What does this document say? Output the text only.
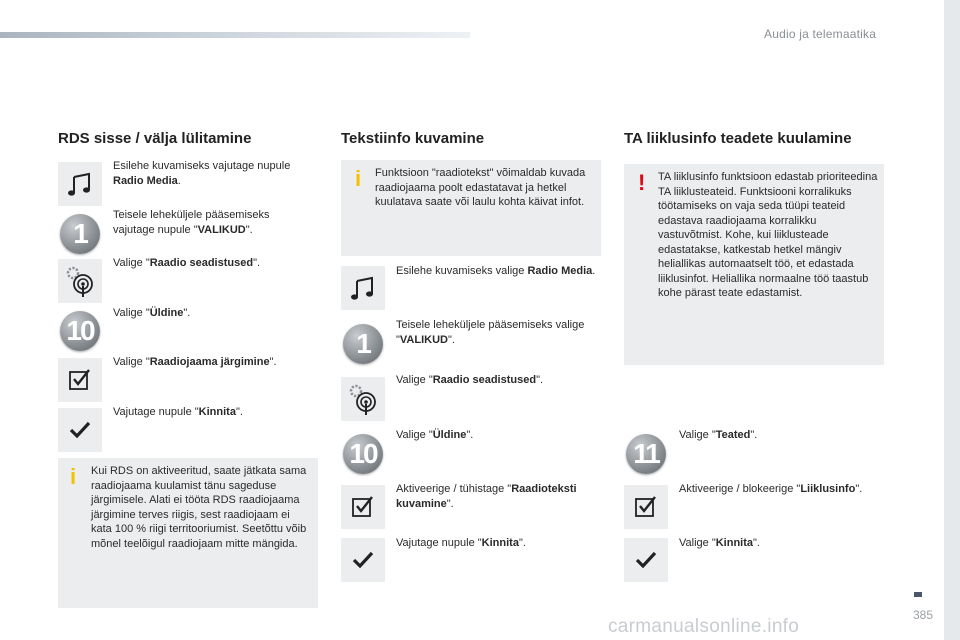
Audio ja telemaatika
RDS sisse / välja lülitamine
Esilehe kuvamiseks vajutage nupule Radio Media.
1
Teisele leheküljele pääsemiseks vajutage nupule "VALIKUD".
Valige "Raadio seadistused".
10
Valige "Üldine".
Valige "Raadiojaama järgimine".
Vajutage nupule "Kinnita".
i Kui RDS on aktiveeritud, saate jätkata sama raadiojaama kuulamist tänu sageduse järgimisele. Alati ei tööta RDS raadiojaama järgimine terves riigis, sest raadiojaam ei kata 100 % riigi territooriumist. Seetõttu võib mõnel teelõigul raadiojaam mitte mängida.
Tekstiinfo kuvamine
i Funktsioon "raadiotekst" võimaldab kuvada raadiojaama poolt edastatavat ja hetkel kuulatava saate või laulu kohta käivat infot.
Esilehe kuvamiseks valige Radio Media.
1
Teisele leheküljele pääsemiseks valige "VALIKUD".
Valige "Raadio seadistused".
10
Valige "Üldine".
Aktiveerige / tühistage "Raadioteksti kuvamine".
Vajutage nupule "Kinnita".
TA liiklusinfo teadete kuulamine
! TA liiklusinfo funktsioon edastab prioriteedina TA liiklusteateid. Funktsiooni korralikuks töötamiseks on vaja seda tüüpi teateid edastava raadiojaama korralikku vastuvõtmist. Kohe, kui liiklusteade edastatakse, katkestab hetkel mängiv heliallikas automaatselt töö, et edastada liiklusinfot. Heliallika normaalne töö taastub kohe pärast teate edastamist.
11
Valige "Teated".
Aktiveerige / blokeerige "Liiklusinfo".
Valige "Kinnita".
385
carmanualsonline.info
